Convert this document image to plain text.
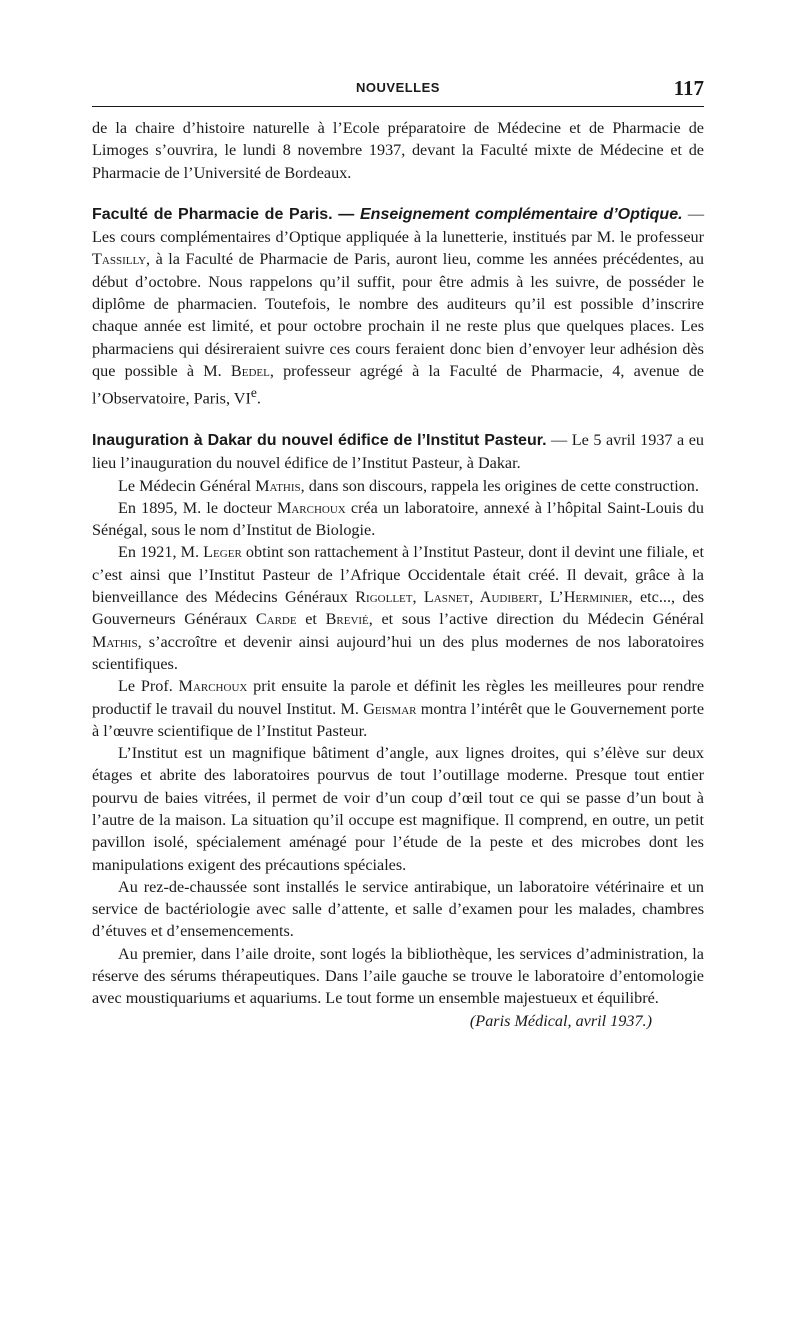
NOUVELLES	117

de la chaire d’histoire naturelle à l’Ecole préparatoire de Médecine et de Pharmacie de Limoges s’ouvrira, le lundi 8 novembre 1937, devant la Faculté mixte de Médecine et de Pharmacie de l’Université de Bordeaux.

Faculté de Pharmacie de Paris. — Enseignement complémentaire d’Optique. — Les cours complémentaires d’Optique appliquée à la lunetterie, institués par M. le professeur Tassilly, à la Faculté de Pharmacie de Paris, auront lieu, comme les années précédentes, au début d’octobre. Nous rappelons qu’il suffit, pour être admis à les suivre, de posséder le diplôme de pharmacien. Toutefois, le nombre des auditeurs qu’il est possible d’inscrire chaque année est limité, et pour octobre prochain il ne reste plus que quelques places. Les pharmaciens qui désireraient suivre ces cours feraient donc bien d’envoyer leur adhésion dès que possible à M. Bedel, professeur agrégé à la Faculté de Pharmacie, 4, avenue de l’Observatoire, Paris, VIe.

Inauguration à Dakar du nouvel édifice de l’Institut Pasteur. — Le 5 avril 1937 a eu lieu l’inauguration du nouvel édifice de l’Institut Pasteur, à Dakar.

Le Médecin Général Mathis, dans son discours, rappela les origines de cette construction.

En 1895, M. le docteur Marchoux créa un laboratoire, annexé à l’hôpital Saint-Louis du Sénégal, sous le nom d’Institut de Biologie.

En 1921, M. Leger obtint son rattachement à l’Institut Pasteur, dont il devint une filiale, et c’est ainsi que l’Institut Pasteur de l’Afrique Occidentale était créé. Il devait, grâce à la bienveillance des Médecins Généraux Rigollet, Lasnet, Audibert, L’Herminier, etc..., des Gouverneurs Généraux Carde et Brevié, et sous l’active direction du Médecin Général Mathis, s’accroître et devenir ainsi aujourd’hui un des plus modernes de nos laboratoires scientifiques.

Le Prof. Marchoux prit ensuite la parole et définit les règles les meilleures pour rendre productif le travail du nouvel Institut. M. Geismar montra l’intérêt que le Gouvernement porte à l’œuvre scientifique de l’Institut Pasteur.

L’Institut est un magnifique bâtiment d’angle, aux lignes droites, qui s’élève sur deux étages et abrite des laboratoires pourvus de tout l’outillage moderne. Presque tout entier pourvu de baies vitrées, il permet de voir d’un coup d’œil tout ce qui se passe d’un bout à l’autre de la maison. La situation qu’il occupe est magnifique. Il comprend, en outre, un petit pavillon isolé, spécialement aménagé pour l’étude de la peste et des microbes dont les manipulations exigent des précautions spéciales.

Au rez-de-chaussée sont installés le service antirabique, un laboratoire vétérinaire et un service de bactériologie avec salle d’attente, et salle d’examen pour les malades, chambres d’étuves et d’ensemencements.

Au premier, dans l’aile droite, sont logés la bibliothèque, les services d’administration, la réserve des sérums thérapeutiques. Dans l’aile gauche se trouve le laboratoire d’entomologie avec moustiquariums et aquariums. Le tout forme un ensemble majestueux et équilibré.

(Paris Médical, avril 1937.)
